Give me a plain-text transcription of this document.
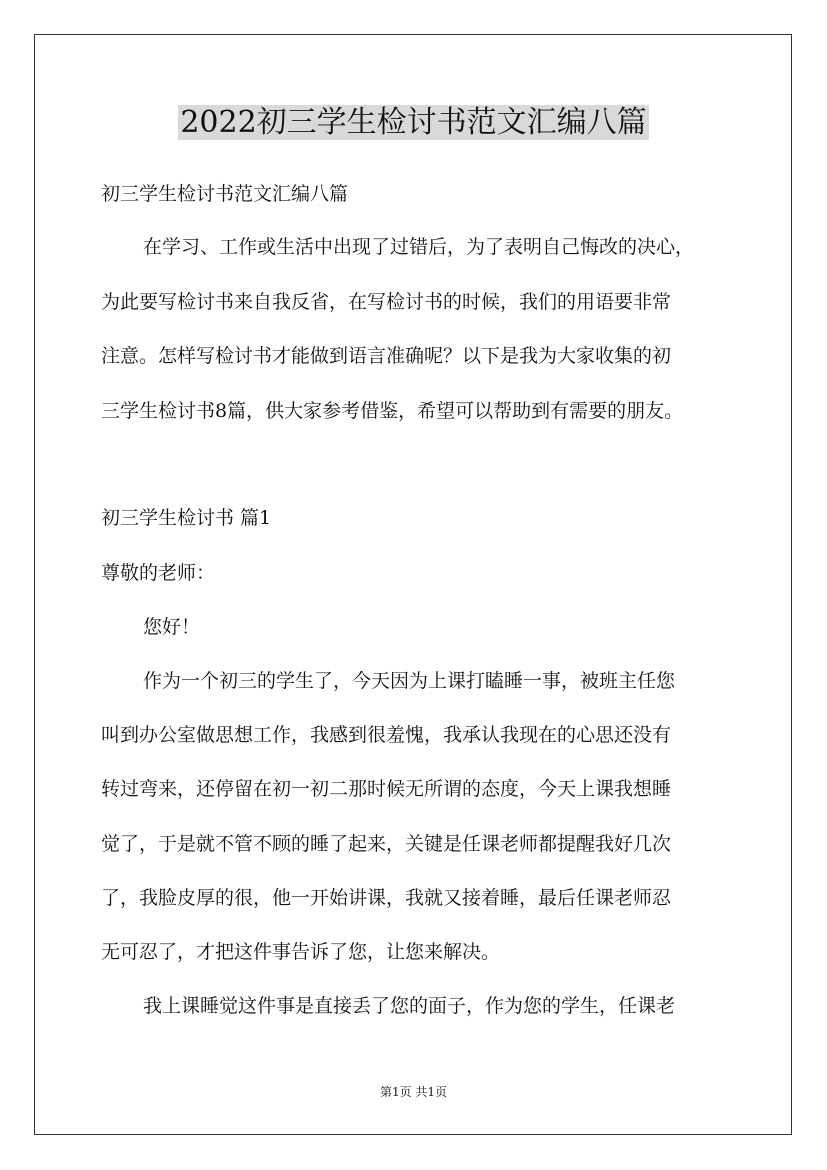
2022初三学生检讨书范文汇编八篇

初三学生检讨书范文汇编八篇

在学习、工作或生活中出现了过错后，为了表明自己悔改的决心，

为此要写检讨书来自我反省，在写检讨书的时候，我们的用语要非常

注意。怎样写检讨书才能做到语言准确呢？以下是我为大家收集的初

三学生检讨书8篇，供大家参考借鉴，希望可以帮助到有需要的朋友。

初三学生检讨书 篇1

尊敬的老师：

您好！

作为一个初三的学生了，今天因为上课打瞌睡一事，被班主任您

叫到办公室做思想工作，我感到很羞愧，我承认我现在的心思还没有

转过弯来，还停留在初一初二那时候无所谓的态度，今天上课我想睡

觉了，于是就不管不顾的睡了起来，关键是任课老师都提醒我好几次

了，我脸皮厚的很，他一开始讲课，我就又接着睡，最后任课老师忍

无可忍了，才把这件事告诉了您，让您来解决。

我上课睡觉这件事是直接丢了您的面子，作为您的学生，任课老

第1页 共1页
